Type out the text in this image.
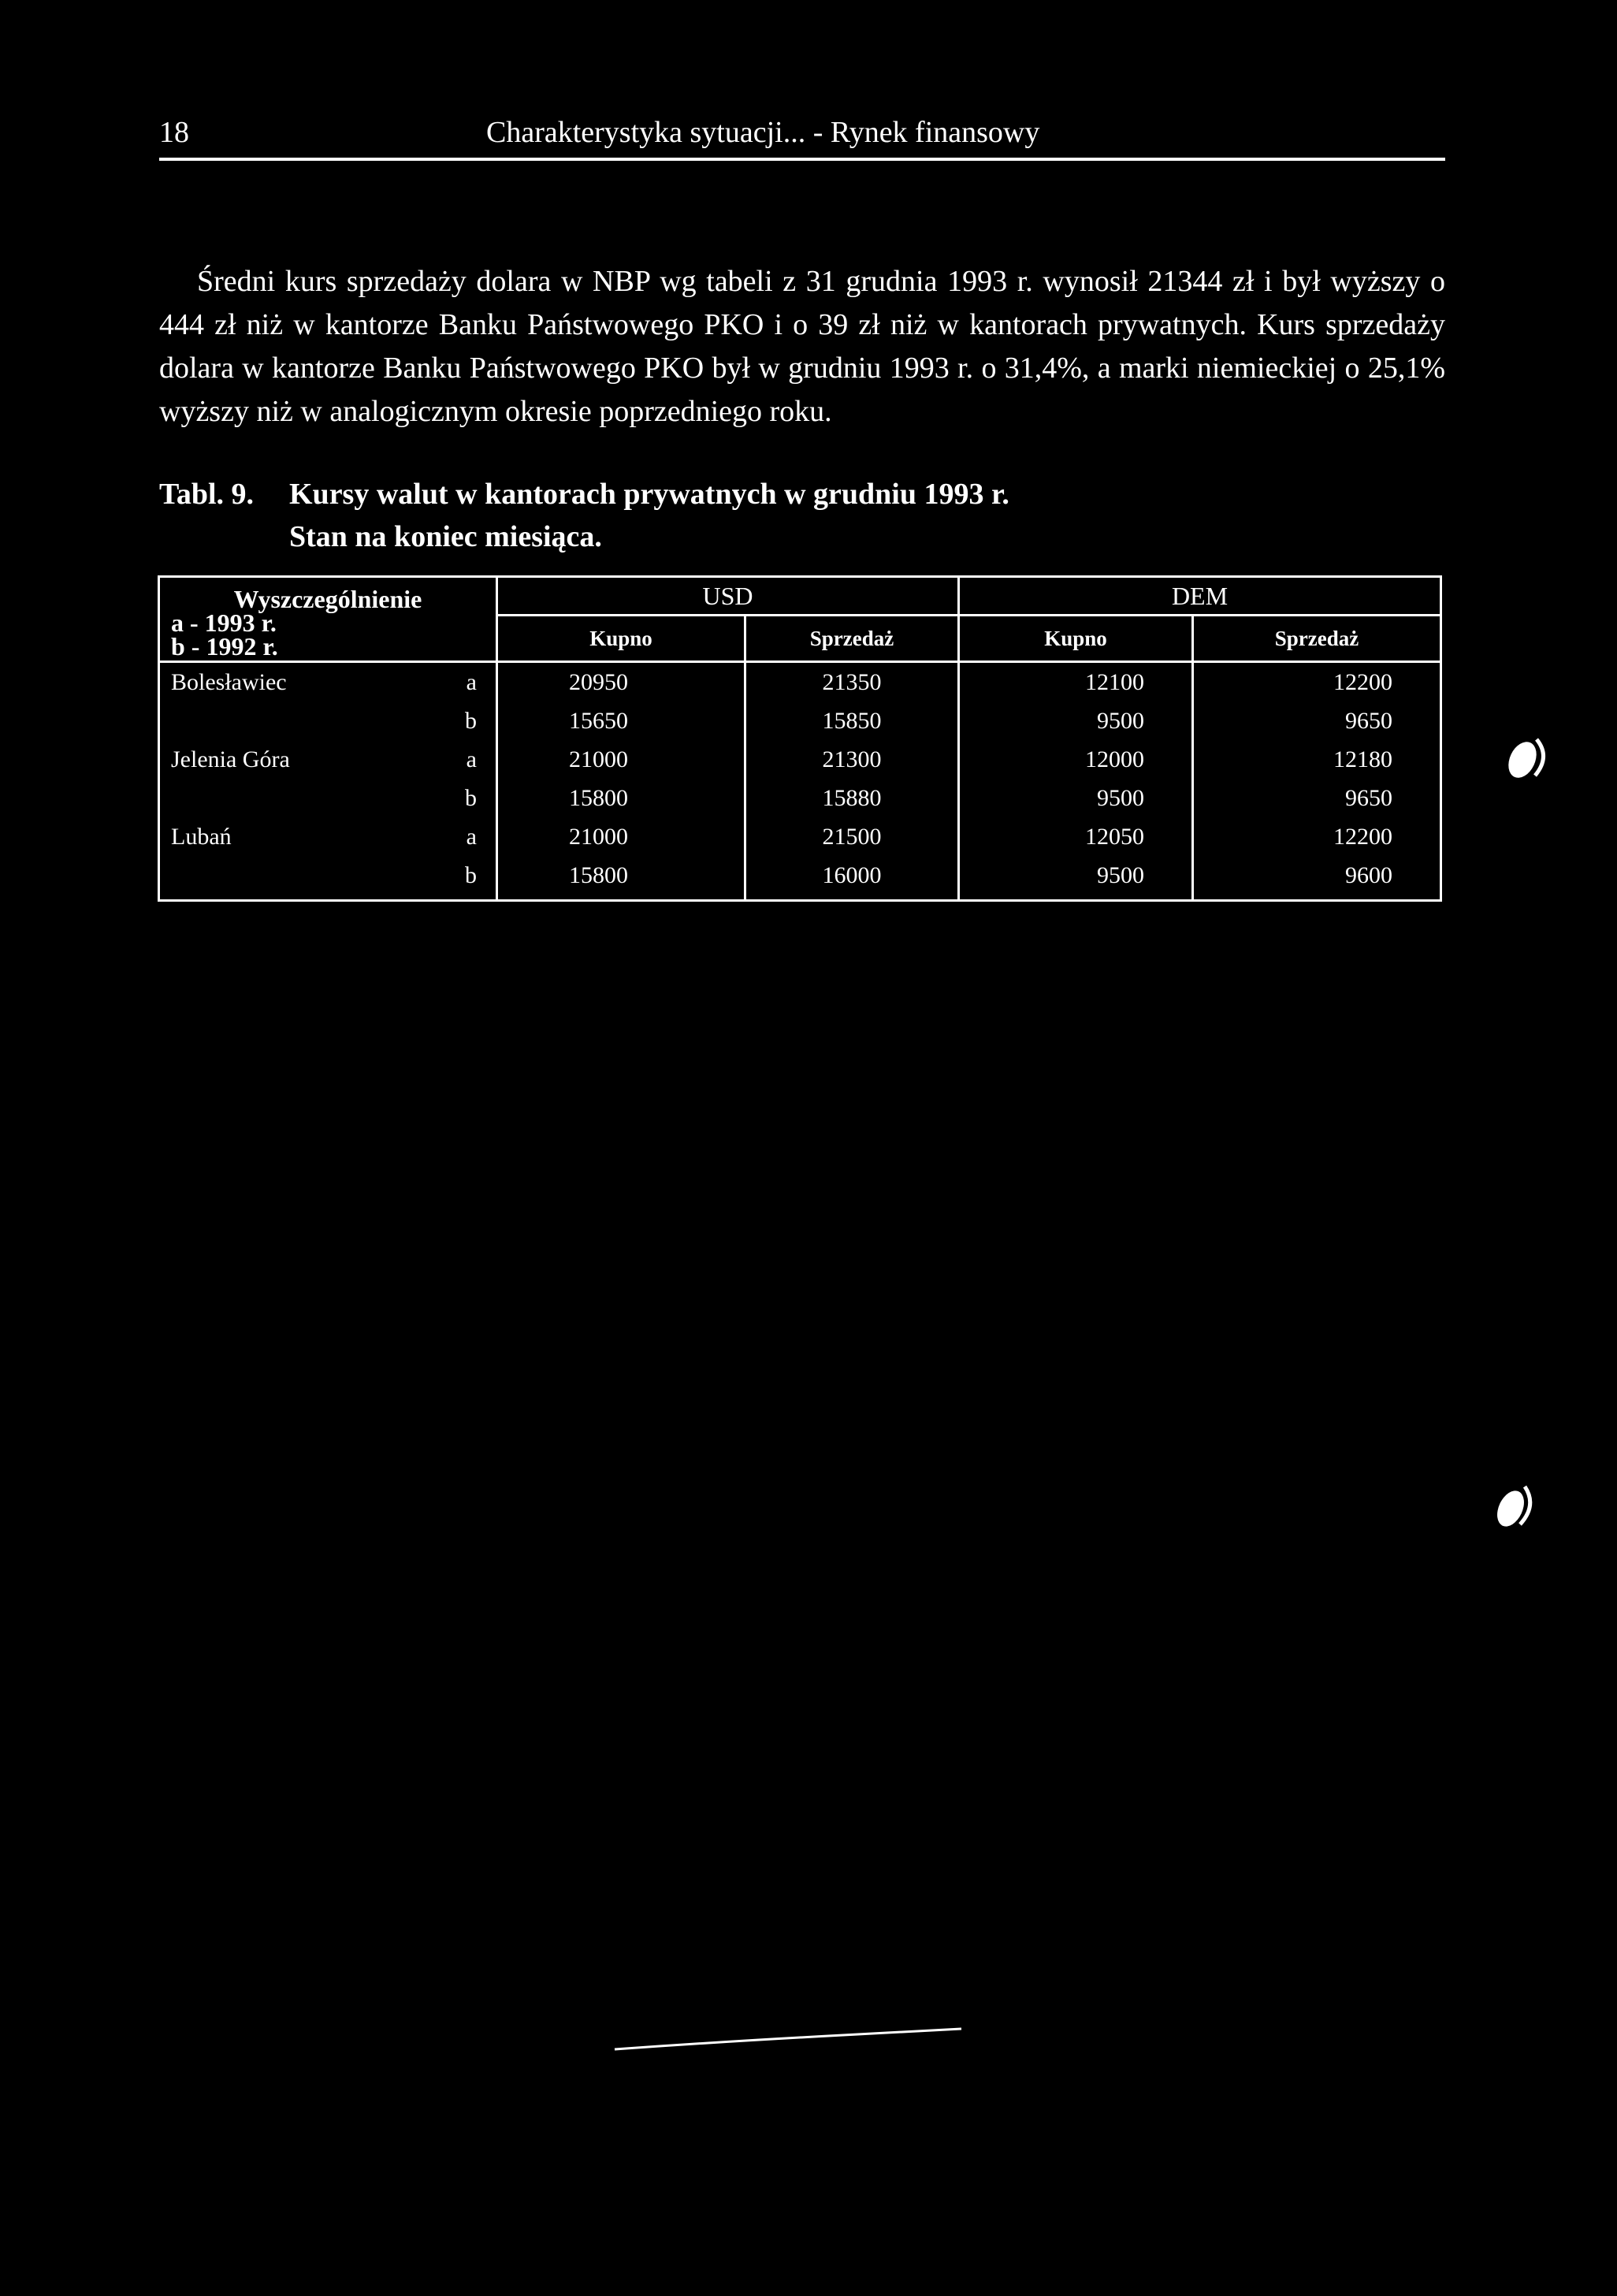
18	Charakterystyka sytuacji... - Rynek finansowy

Średni kurs sprzedaży dolara w NBP wg tabeli z 31 grudnia 1993 r. wynosił 21344 zł i był wyższy o 444 zł niż w kantorze Banku Państwowego PKO i o 39 zł niż w kantorach prywatnych. Kurs sprzedaży dolara w kantorze Banku Państwowego PKO był w grudniu 1993 r. o 31,4%, a marki niemieckiej o 25,1% wyższy niż w analogicznym okresie poprzedniego roku.

Tabl. 9. Kursy walut w kantorach prywatnych w grudniu 1993 r.
Stan na koniec miesiąca.
Wyszczególnienie
a - 1993 r.
b - 1992 r.		USD		DEM	
		Kupno	Sprzedaż	Kupno	Sprzedaż
Bolesławiec	a	20950	21350	12100	12200
	b	15650	15850	9500	9650
Jelenia Góra	a	21000	21300	12000	12180
	b	15800	15880	9500	9650
Lubań	a	21000	21500	12050	12200
	b	15800	16000	9500	9600
